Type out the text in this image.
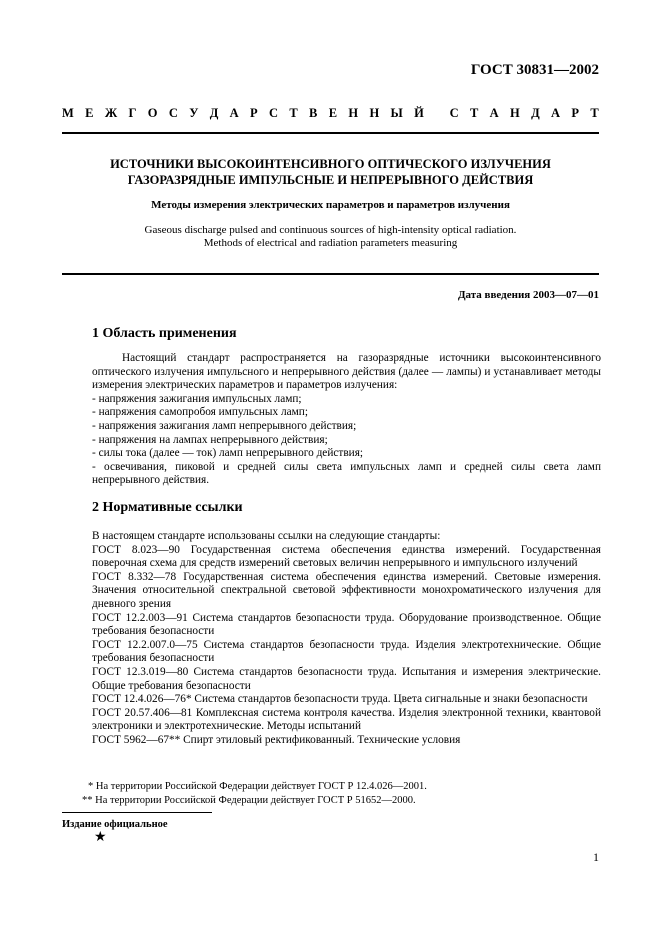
ГОСТ 30831—2002
М Е Ж Г О С У Д А Р С Т В Е Н Н Ы Й
С Т А Н Д А Р Т
ИСТОЧНИКИ ВЫСОКОИНТЕНСИВНОГО ОПТИЧЕСКОГО ИЗЛУЧЕНИЯ
ГАЗОРАЗРЯДНЫЕ ИМПУЛЬСНЫЕ И НЕПРЕРЫВНОГО ДЕЙСТВИЯ
Методы измерения электрических параметров и параметров излучения
Gaseous discharge pulsed and continuous sources of high-intensity optical radiation.
Methods of electrical and radiation parameters measuring
Дата введения 2003—07—01
1 Область применения

Настоящий стандарт распространяется на газоразрядные источники высокоинтенсивного оптического излучения импульсного и непрерывного действия (далее — лампы) и устанавливает методы измерения электрических параметров и параметров излучения:

- напряжения зажигания импульсных ламп;

- напряжения самопробоя импульсных ламп;

- напряжения зажигания ламп непрерывного действия;

- напряжения на лампах непрерывного действия;

- силы тока (далее — ток) ламп непрерывного действия;

- освечивания, пиковой и средней силы света импульсных ламп и средней силы света ламп непрерывного действия.

2 Нормативные ссылки

В настоящем стандарте использованы ссылки на следующие стандарты:

ГОСТ 8.023—90 Государственная система обеспечения единства измерений. Государственная поверочная схема для средств измерений световых величин непрерывного и импульсного излучений

ГОСТ 8.332—78 Государственная система обеспечения единства измерений. Световые измерения. Значения относительной спектральной световой эффективности монохроматического излучения для дневного зрения

ГОСТ 12.2.003—91 Система стандартов безопасности труда. Оборудование производственное. Общие требования безопасности

ГОСТ 12.2.007.0—75 Система стандартов безопасности труда. Изделия электротехнические. Общие требования безопасности

ГОСТ 12.3.019—80 Система стандартов безопасности труда. Испытания и измерения электрические. Общие требования безопасности

ГОСТ 12.4.026—76* Система стандартов безопасности труда. Цвета сигнальные и знаки безопасности

ГОСТ 20.57.406—81 Комплексная система контроля качества. Изделия электронной техники, квантовой электроники и электротехнические. Методы испытаний

ГОСТ 5962—67** Спирт этиловый ректификованный. Технические условия

* На территории Российской Федерации действует ГОСТ Р 12.4.026—2001.
** На территории Российской Федерации действует ГОСТ Р 51652—2000.
Издание официальное
★
1
